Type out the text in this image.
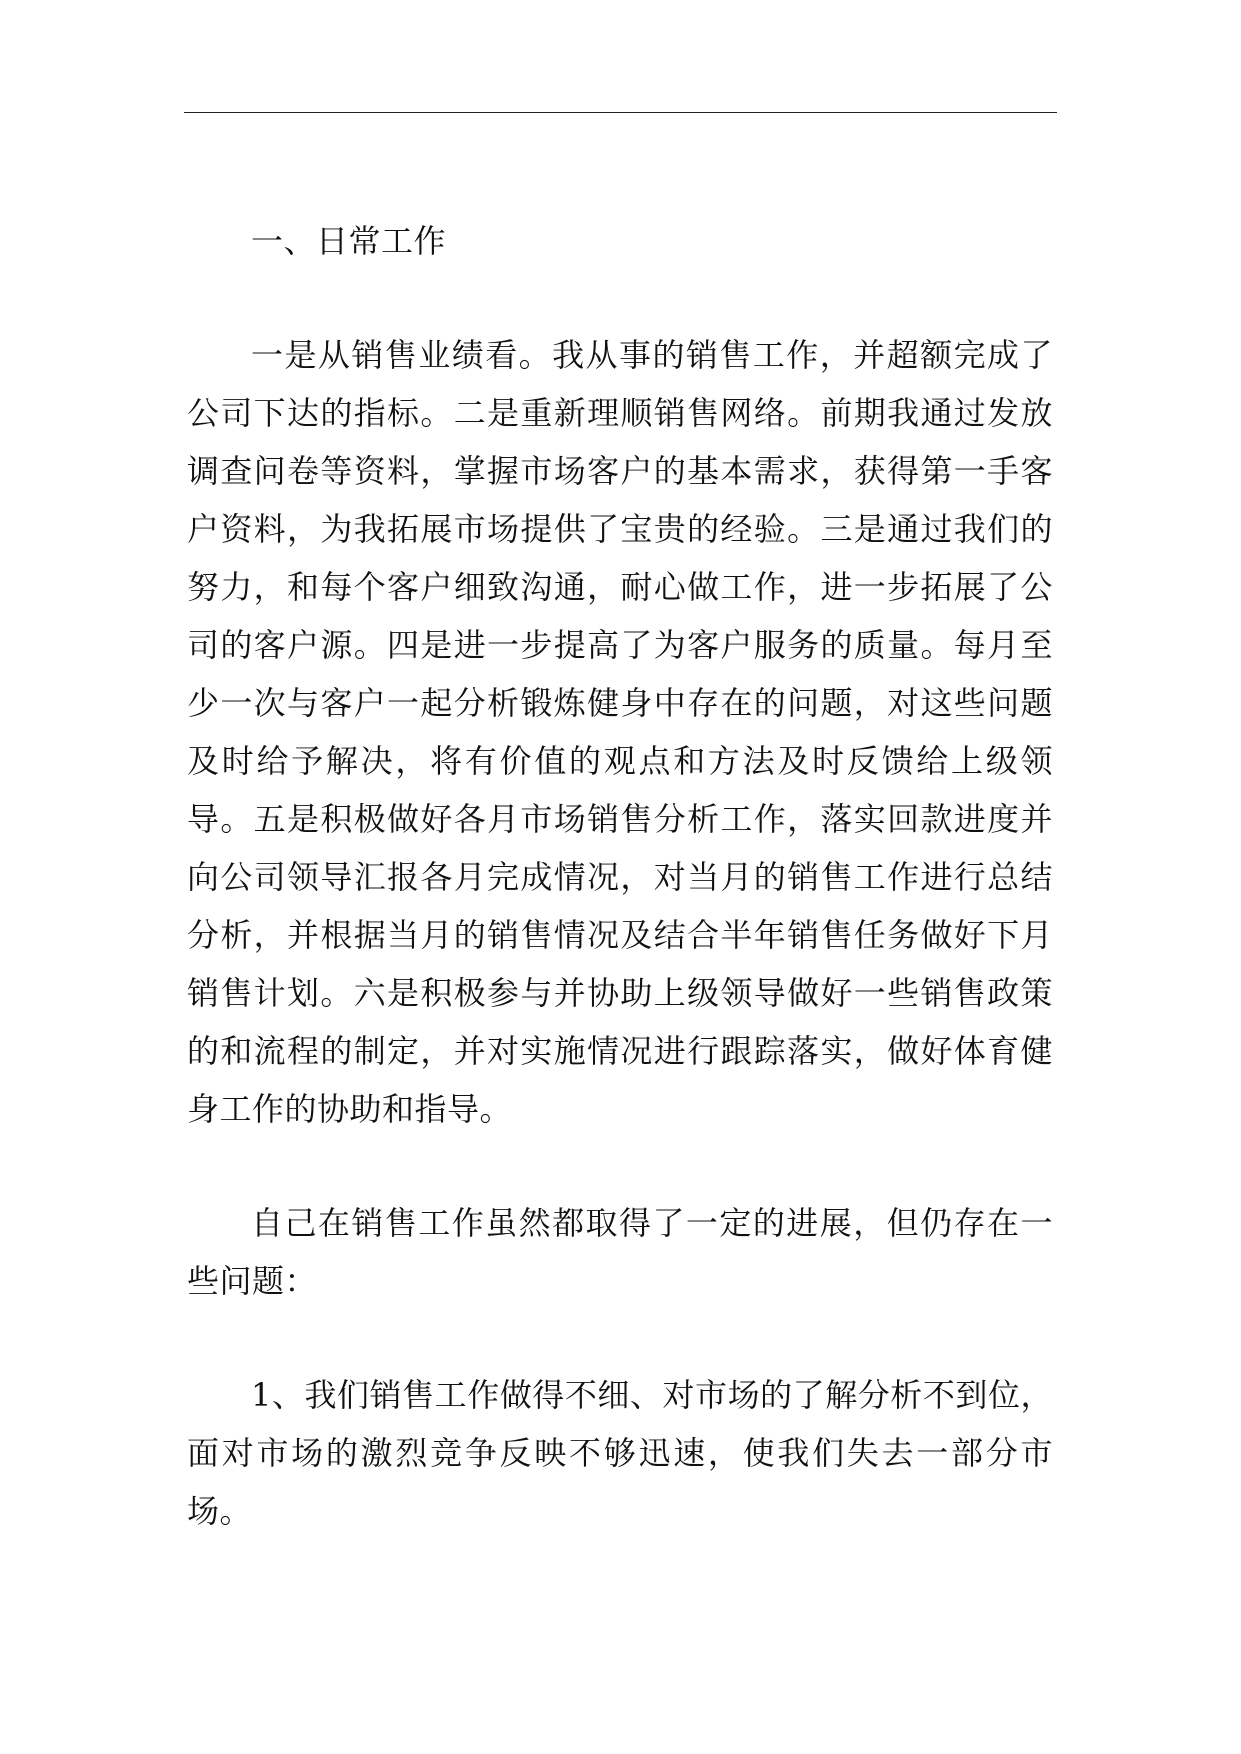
一、日常工作

一是从销售业绩看。我从事的销售工作，并超额完成了公司下达的指标。二是重新理顺销售网络。前期我通过发放调查问卷等资料，掌握市场客户的基本需求，获得第一手客户资料，为我拓展市场提供了宝贵的经验。三是通过我们的努力，和每个客户细致沟通，耐心做工作，进一步拓展了公司的客户源。四是进一步提高了为客户服务的质量。每月至少一次与客户一起分析锻炼健身中存在的问题，对这些问题及时给予解决，将有价值的观点和方法及时反馈给上级领导。五是积极做好各月市场销售分析工作，落实回款进度并向公司领导汇报各月完成情况，对当月的销售工作进行总结分析，并根据当月的销售情况及结合半年销售任务做好下月销售计划。六是积极参与并协助上级领导做好一些销售政策的和流程的制定，并对实施情况进行跟踪落实，做好体育健身工作的协助和指导。

自己在销售工作虽然都取得了一定的进展，但仍存在一些问题：

1、我们销售工作做得不细、对市场的了解分析不到位，面对市场的激烈竞争反映不够迅速，使我们失去一部分市场。
